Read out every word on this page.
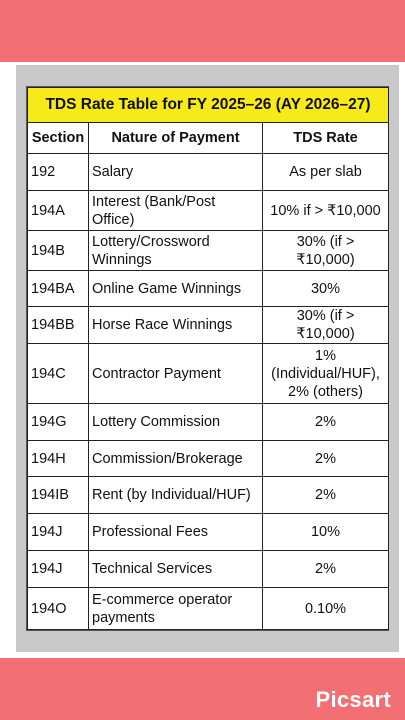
TDS Rate Table for FY 2025–26 (AY 2026–27)		
Section	Nature of Payment	TDS Rate
192	Salary	As per slab
194A	Interest (Bank/Post Office)	10% if > ₹10,000
194B	Lottery/Crossword Winnings	30% (if > ₹10,000)
194BA	Online Game Winnings	30%
194BB	Horse Race Winnings	30% (if > ₹10,000)
194C	Contractor Payment	1% (Individual/HUF), 2% (others)
194G	Lottery Commission	2%
194H	Commission/Brokerage	2%
194IB	Rent (by Individual/HUF)	2%
194J	Professional Fees	10%
194J	Technical Services	2%
194O	E-commerce operator payments	0.10%
Picsart
